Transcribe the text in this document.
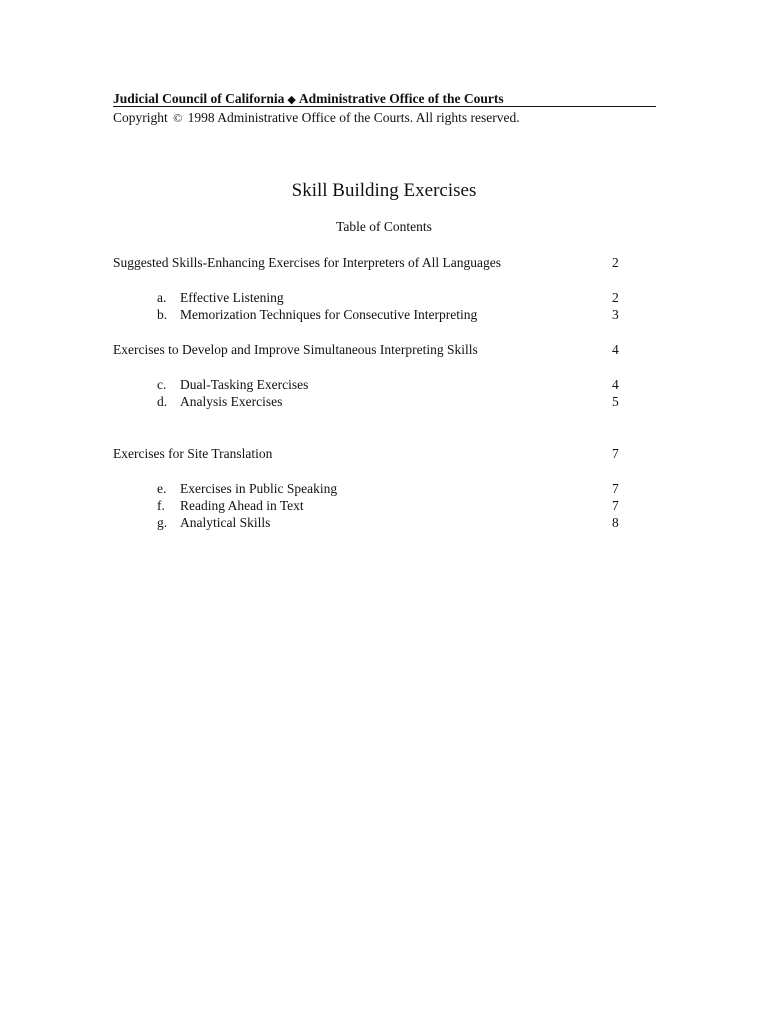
Judicial Council of California ◆ Administrative Office of the Courts
Copyright © 1998 Administrative Office of the Courts. All rights reserved.
Skill Building Exercises
Table of Contents
Suggested Skills-Enhancing Exercises for Interpreters of All Languages	2
a. Effective Listening	2
b. Memorization Techniques for Consecutive Interpreting	3
Exercises to Develop and Improve Simultaneous Interpreting Skills	4
c. Dual-Tasking Exercises	4
d. Analysis Exercises	5
Exercises for Site Translation	7
e. Exercises in Public Speaking	7
f. Reading Ahead in Text	7
g. Analytical Skills	8
